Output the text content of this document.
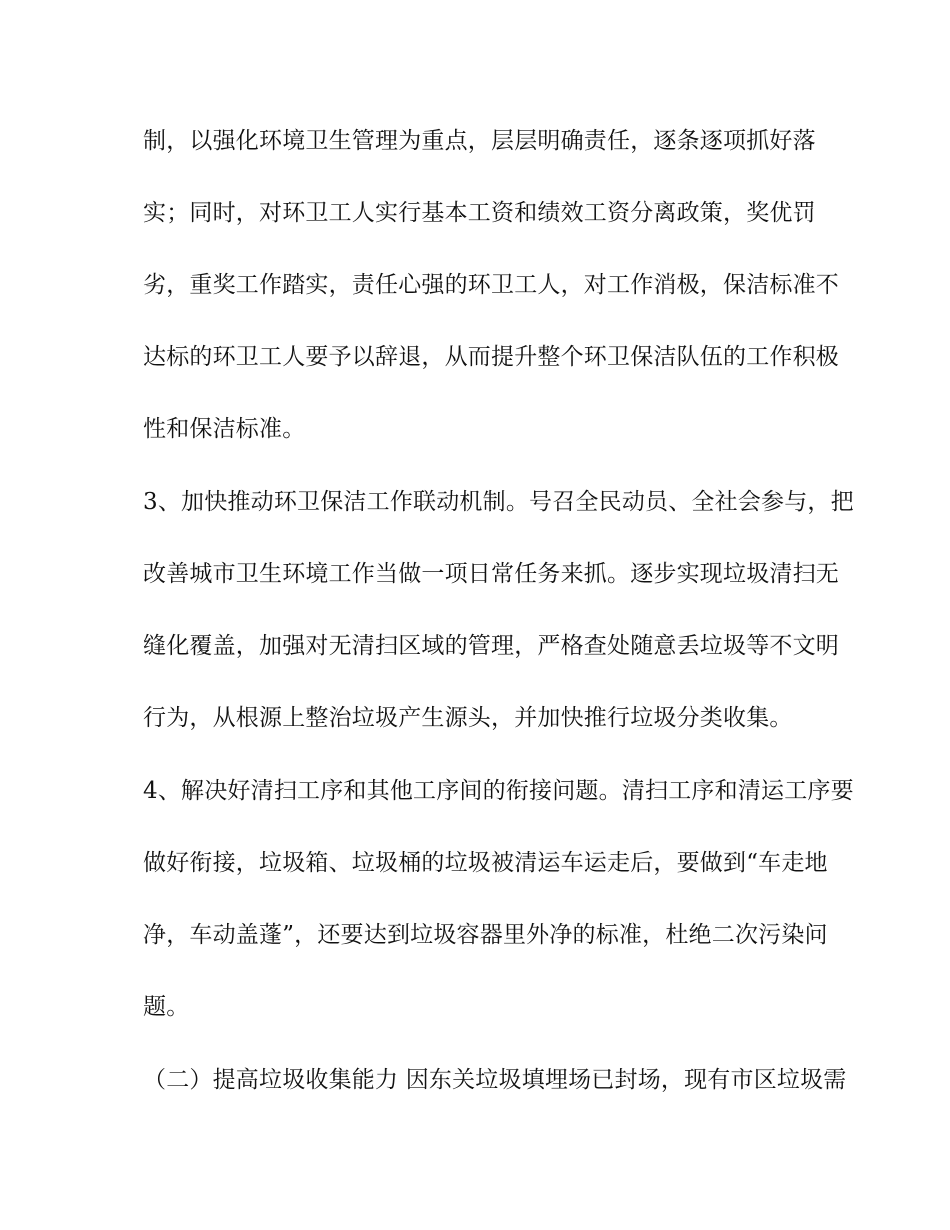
制，以强化环境卫生管理为重点，层层明确责任，逐条逐项抓好落

实；同时，对环卫工人实行基本工资和绩效工资分离政策，奖优罚

劣，重奖工作踏实，责任心强的环卫工人，对工作消极，保洁标准不

达标的环卫工人要予以辞退，从而提升整个环卫保洁队伍的工作积极

性和保洁标准。

3、加快推动环卫保洁工作联动机制。号召全民动员、全社会参与，把

改善城市卫生环境工作当做一项日常任务来抓。逐步实现垃圾清扫无

缝化覆盖，加强对无清扫区域的管理，严格查处随意丢垃圾等不文明

行为，从根源上整治垃圾产生源头，并加快推行垃圾分类收集。

4、解决好清扫工序和其他工序间的衔接问题。清扫工序和清运工序要

做好衔接，垃圾箱、垃圾桶的垃圾被清运车运走后，要做到“车走地

净，车动盖蓬”，还要达到垃圾容器里外净的标准，杜绝二次污染问

题。

（二）提高垃圾收集能力 因东关垃圾填埋场已封场，现有市区垃圾需
